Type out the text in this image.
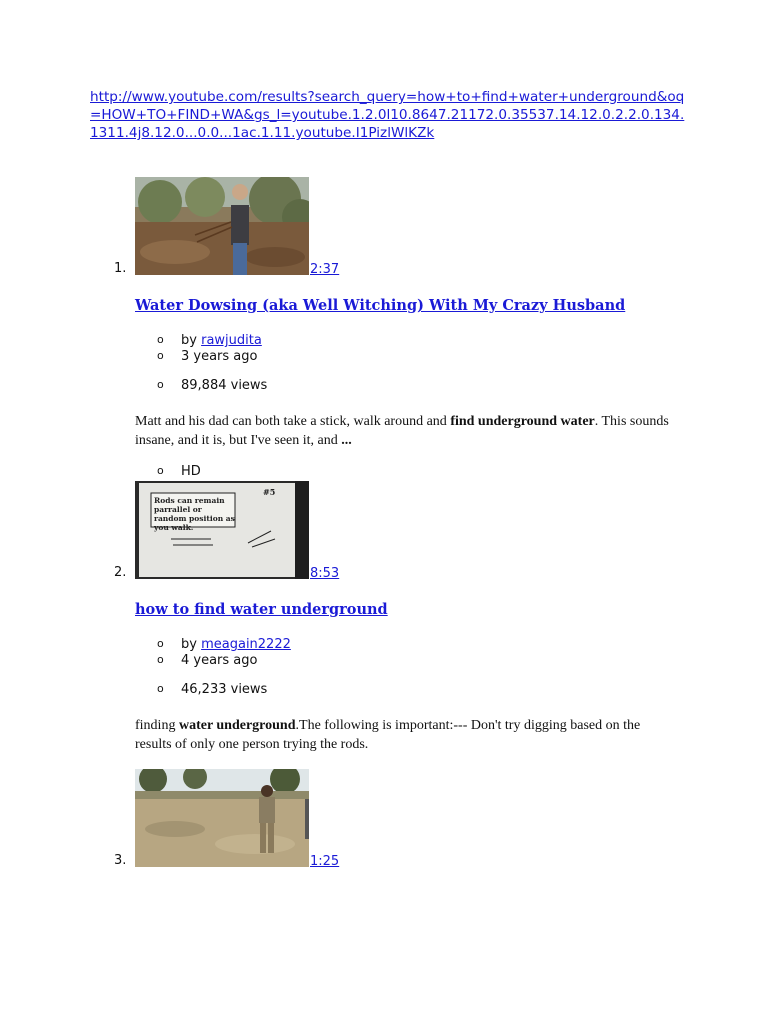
http://www.youtube.com/results?search_query=how+to+find+water+underground&oq=HOW+TO+FIND+WA&gs_l=youtube.1.2.0l10.8647.21172.0.35537.14.12.0.2.2.0.134.1311.4j8.12.0...0.0...1ac.1.11.youtube.I1PizlWlKZk
1.	2:37
Water Dowsing (aka Well Witching) With My Crazy Husband
o by rawjudita
o 3 years ago
o 89,884 views
Matt and his dad can both take a stick, walk around and find underground water. This sounds insane, and it is, but I've seen it, and ...
o HD
2.
Rods can remain parrallel or random position as you walk.
#5
8:53
how to find water underground
o by meagain2222
o 4 years ago
o 46,233 views
finding water underground.The following is important:--- Don't try digging based on the results of only one person trying the rods.
3.	1:25
